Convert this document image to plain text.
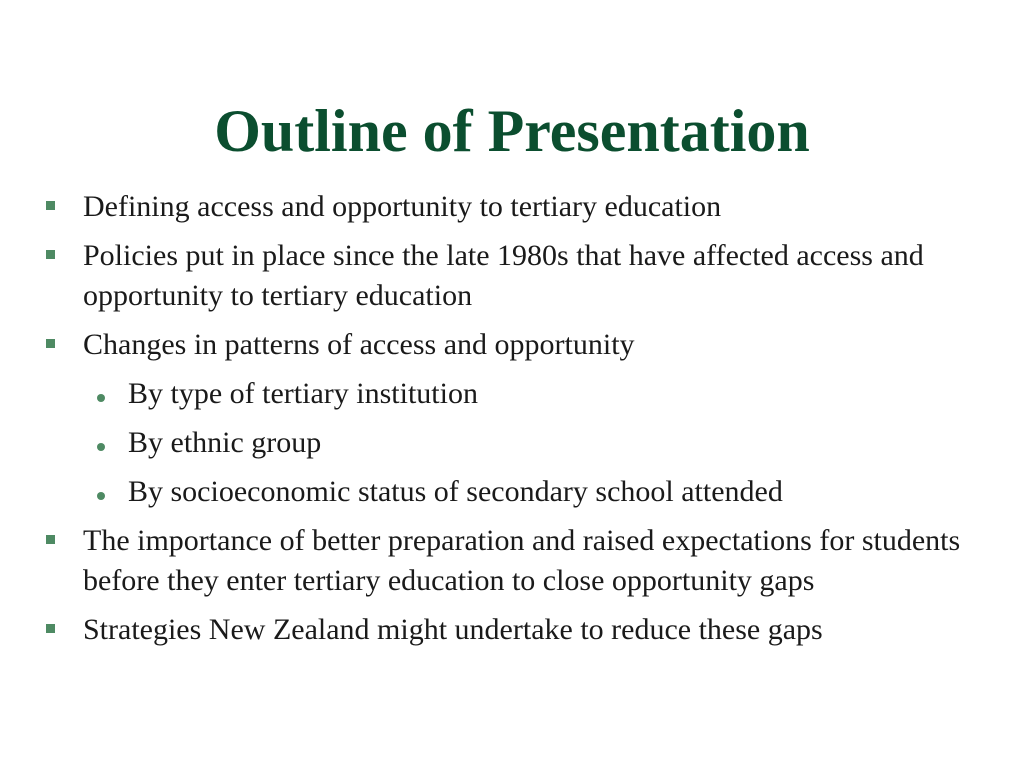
Outline of Presentation
Defining access and opportunity to tertiary education
Policies put in place since the late 1980s that have affected access and opportunity to tertiary education
Changes in patterns of access and opportunity
By type of tertiary institution
By ethnic group
By socioeconomic status of secondary school attended
The importance of better preparation and raised expectations for students before they enter tertiary education to close opportunity gaps
Strategies New Zealand might undertake to reduce these gaps
